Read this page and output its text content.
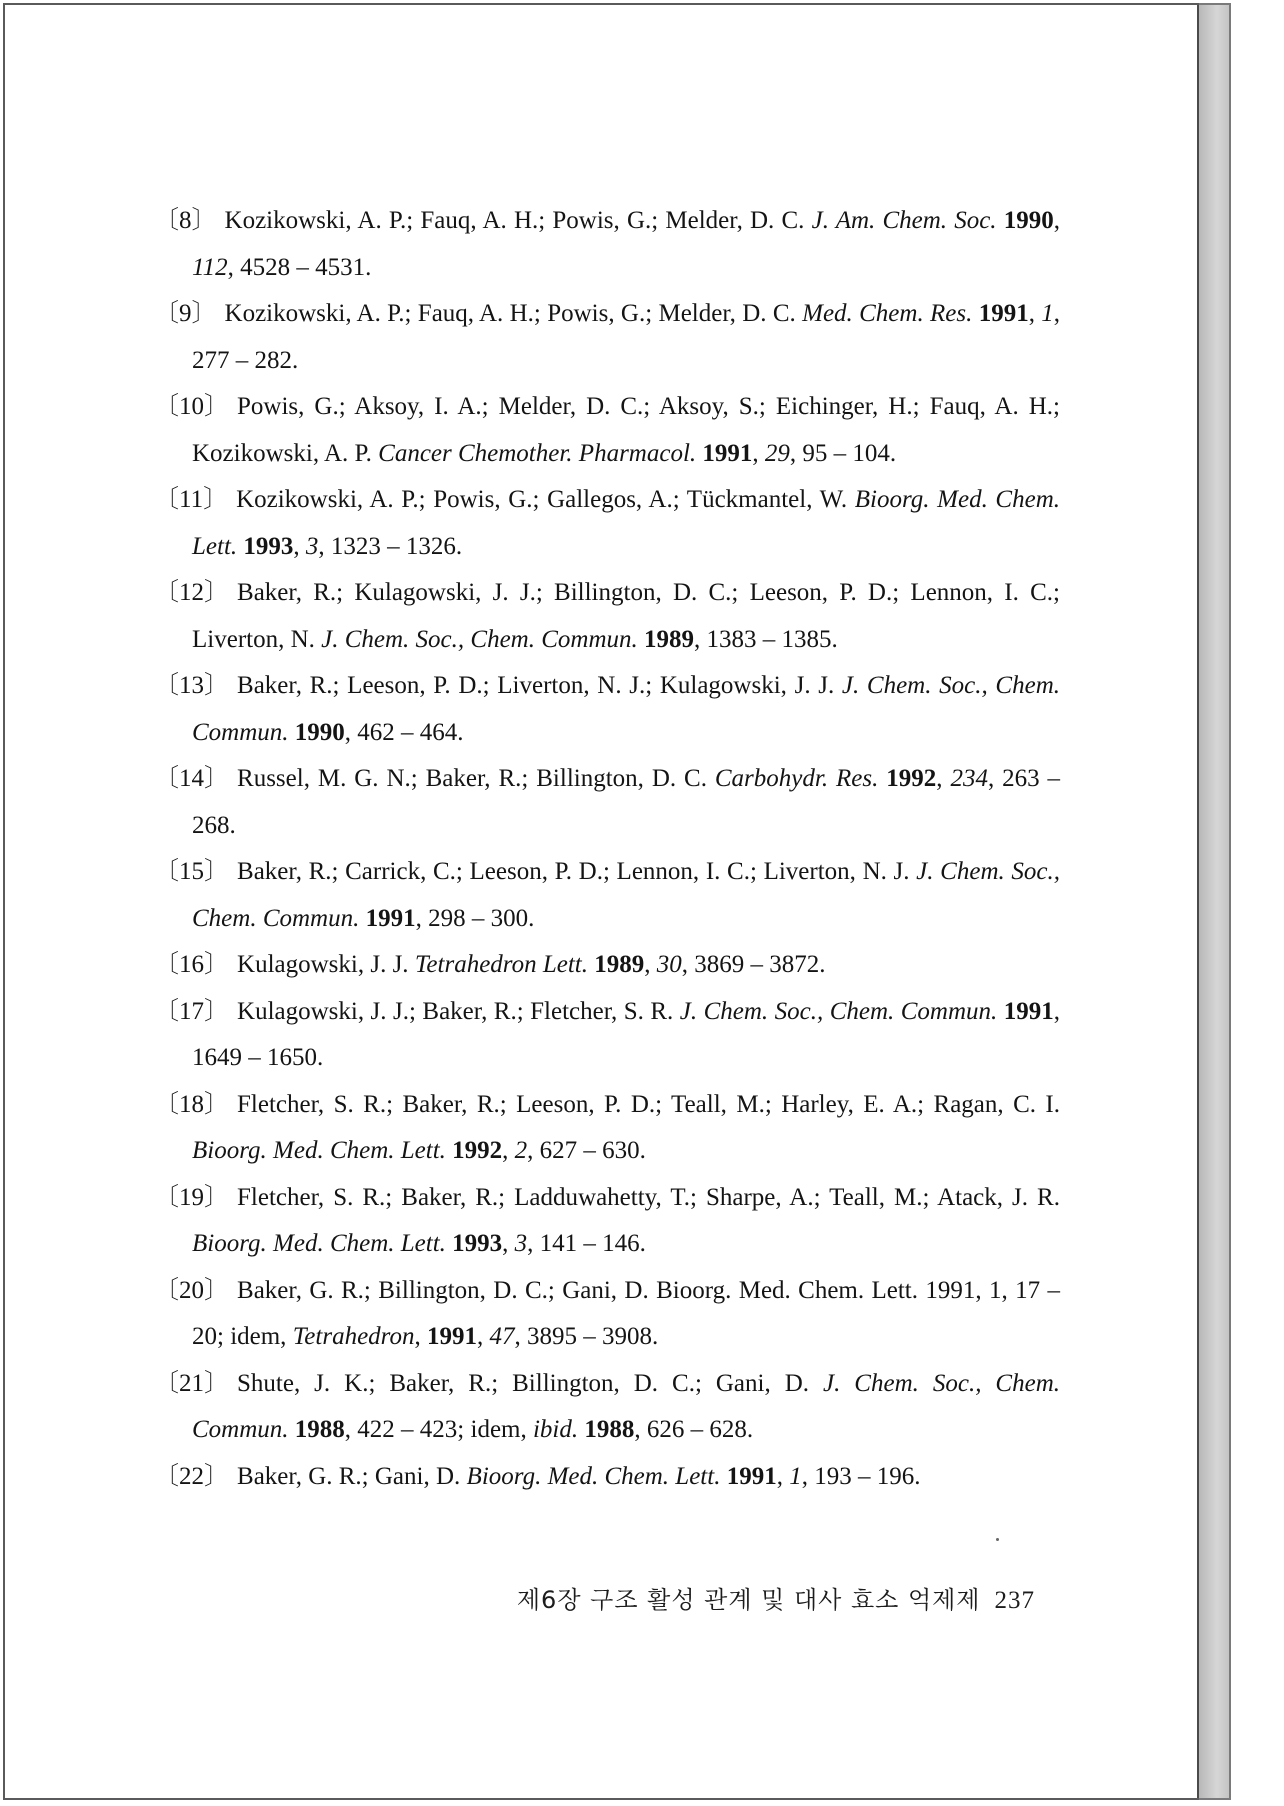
〔8〕 Kozikowski, A. P.; Fauq, A. H.; Powis, G.; Melder, D. C. J. Am. Chem. Soc. 1990, 112, 4528 – 4531.
〔9〕 Kozikowski, A. P.; Fauq, A. H.; Powis, G.; Melder, D. C. Med. Chem. Res. 1991, 1, 277 – 282.
〔10〕 Powis, G.; Aksoy, I. A.; Melder, D. C.; Aksoy, S.; Eichinger, H.; Fauq, A. H.; Kozikowski, A. P. Cancer Chemother. Pharmacol. 1991, 29, 95 – 104.
〔11〕 Kozikowski, A. P.; Powis, G.; Gallegos, A.; Tückmantel, W. Bioorg. Med. Chem. Lett. 1993, 3, 1323 – 1326.
〔12〕 Baker, R.; Kulagowski, J. J.; Billington, D. C.; Leeson, P. D.; Lennon, I. C.; Liverton, N. J. Chem. Soc., Chem. Commun. 1989, 1383 – 1385.
〔13〕 Baker, R.; Leeson, P. D.; Liverton, N. J.; Kulagowski, J. J. J. Chem. Soc., Chem. Commun. 1990, 462 – 464.
〔14〕 Russel, M. G. N.; Baker, R.; Billington, D. C. Carbohydr. Res. 1992, 234, 263 – 268.
〔15〕 Baker, R.; Carrick, C.; Leeson, P. D.; Lennon, I. C.; Liverton, N. J. J. Chem. Soc., Chem. Commun. 1991, 298 – 300.
〔16〕 Kulagowski, J. J. Tetrahedron Lett. 1989, 30, 3869 – 3872.
〔17〕 Kulagowski, J. J.; Baker, R.; Fletcher, S. R. J. Chem. Soc., Chem. Commun. 1991, 1649 – 1650.
〔18〕 Fletcher, S. R.; Baker, R.; Leeson, P. D.; Teall, M.; Harley, E. A.; Ragan, C. I. Bioorg. Med. Chem. Lett. 1992, 2, 627 – 630.
〔19〕 Fletcher, S. R.; Baker, R.; Ladduwahetty, T.; Sharpe, A.; Teall, M.; Atack, J. R. Bioorg. Med. Chem. Lett. 1993, 3, 141 – 146.
〔20〕 Baker, G. R.; Billington, D. C.; Gani, D. Bioorg. Med. Chem. Lett. 1991, 1, 17 – 20; idem, Tetrahedron, 1991, 47, 3895 – 3908.
〔21〕 Shute, J. K.; Baker, R.; Billington, D. C.; Gani, D. J. Chem. Soc., Chem. Commun. 1988, 422 – 423; idem, ibid. 1988, 626 – 628.
〔22〕 Baker, G. R.; Gani, D. Bioorg. Med. Chem. Lett. 1991, 1, 193 – 196.
제6장 구조 활성 관계 및 대사 효소 억제제 237
